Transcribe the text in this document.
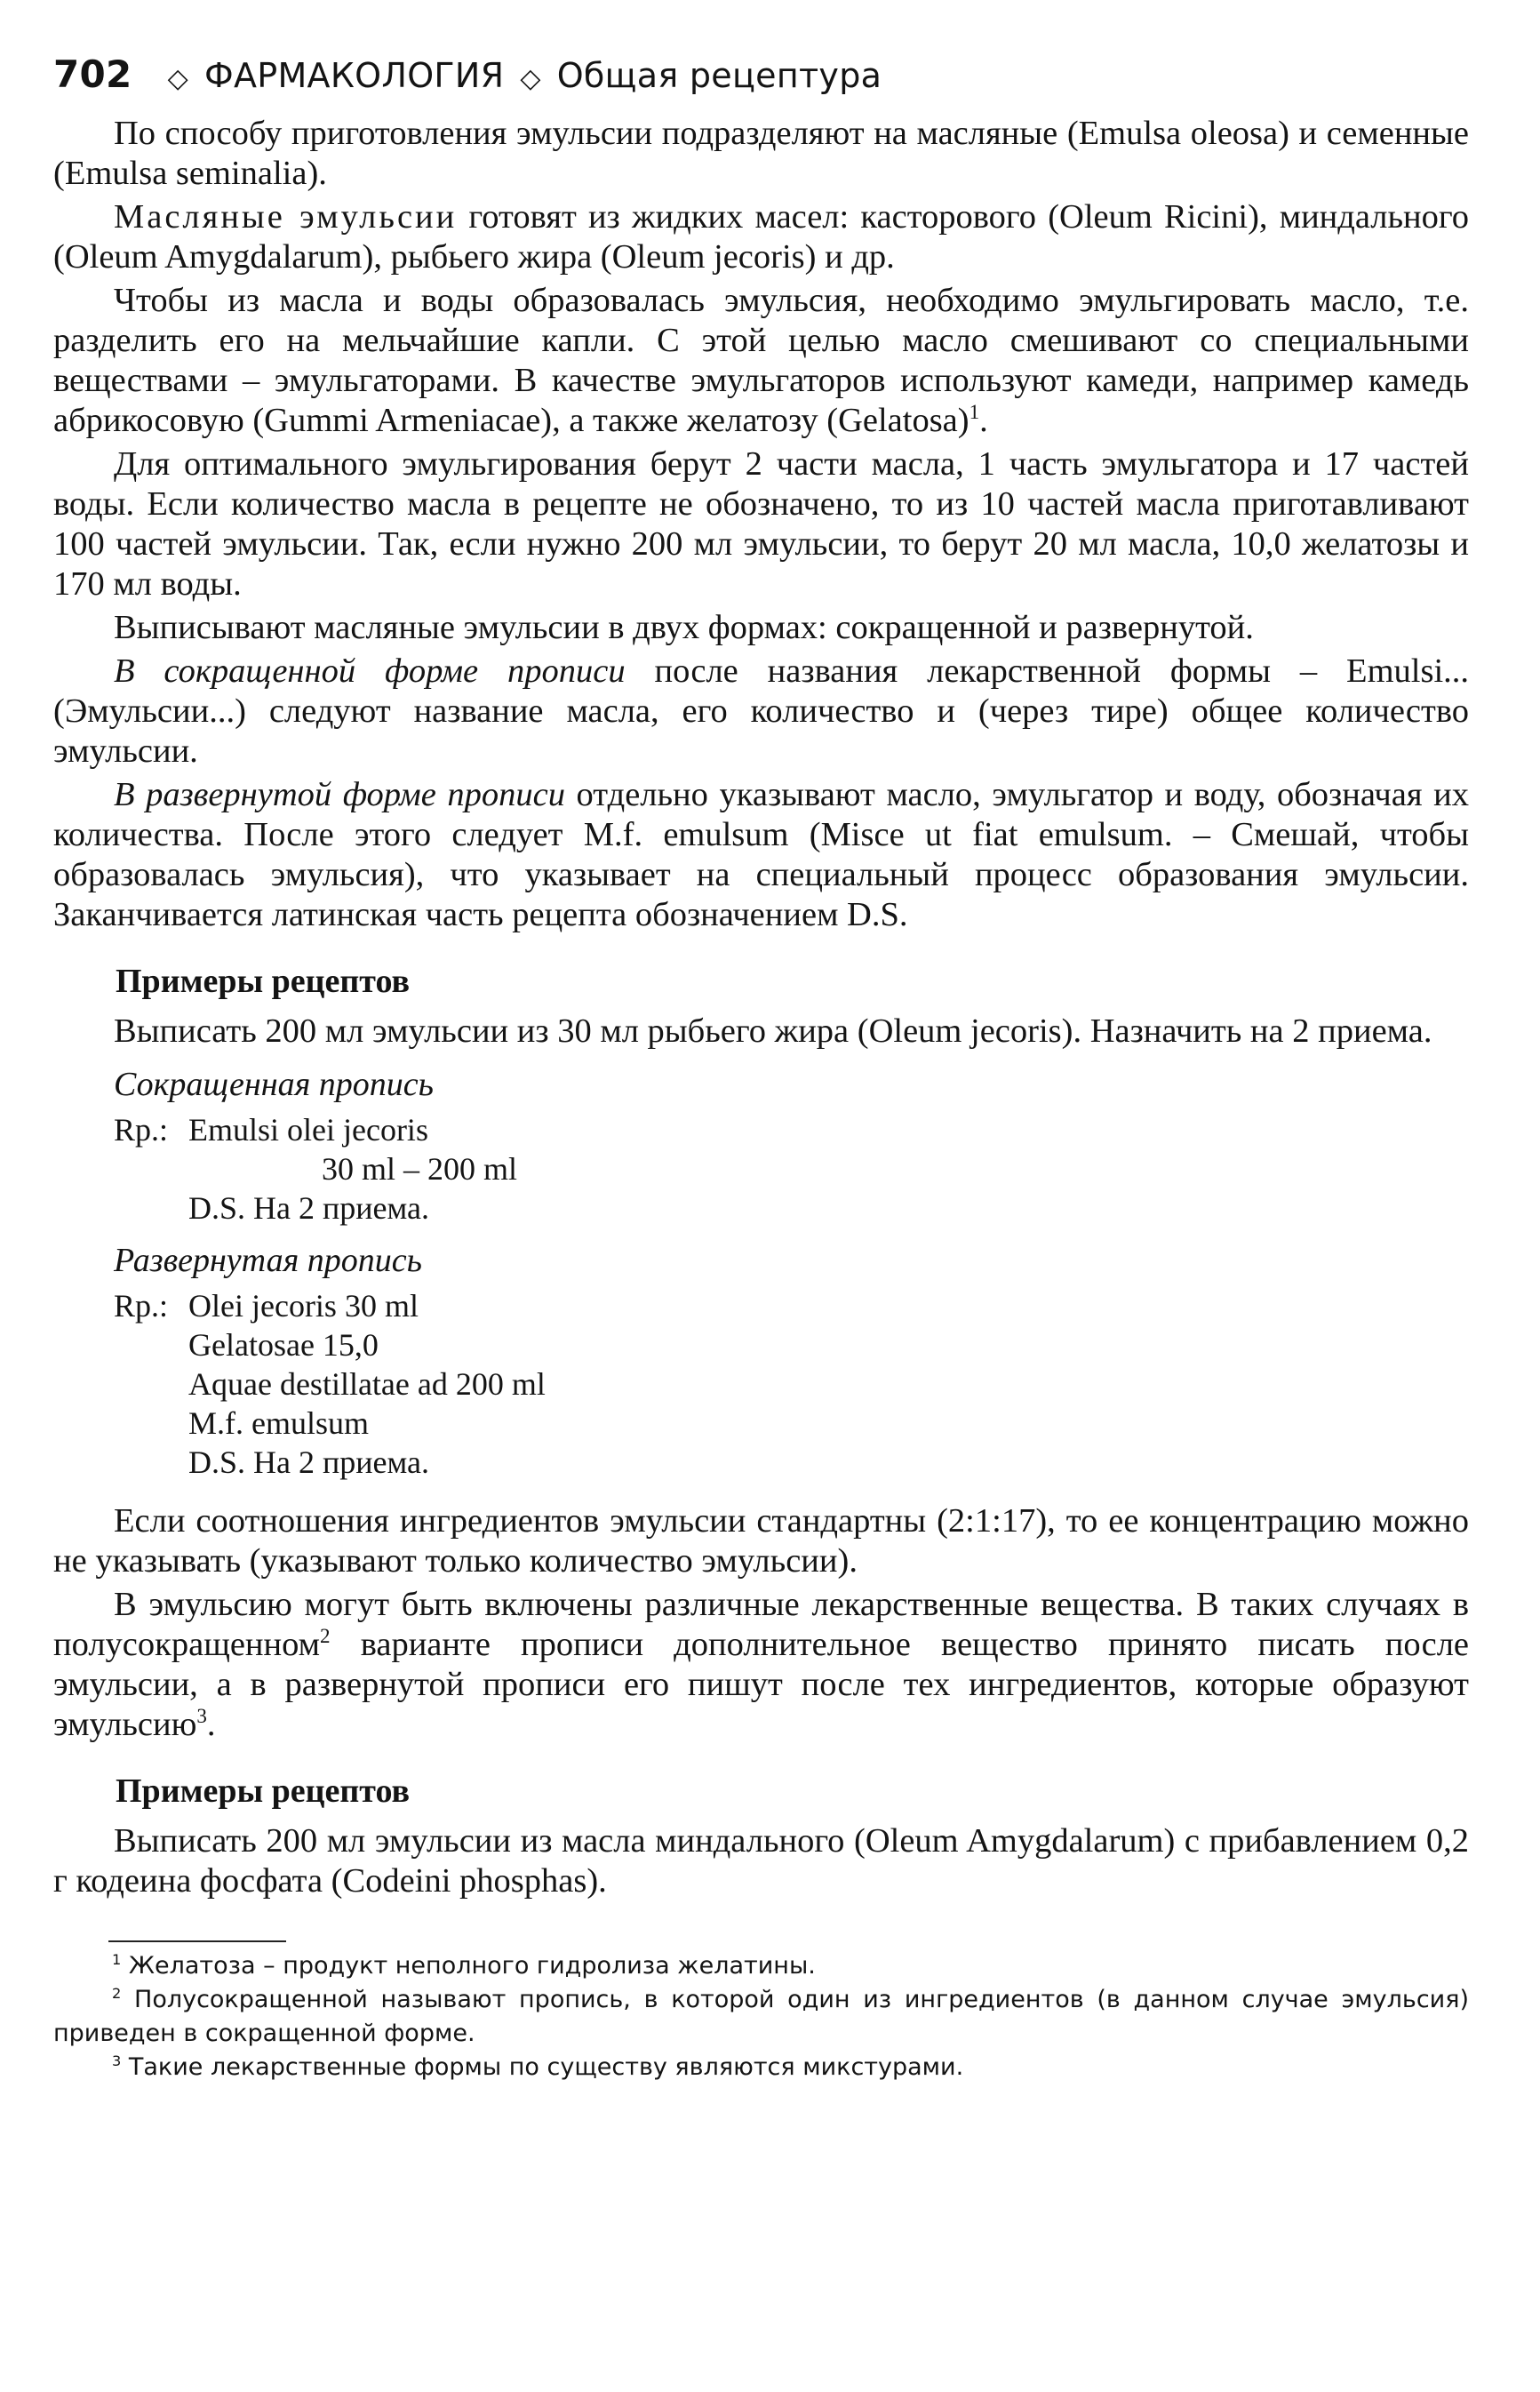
702 ◇ ФАРМАКОЛОГИЯ ◇ Общая рецептура

По способу приготовления эмульсии подразделяют на масляные (Emulsa oleosa) и семенные (Emulsa seminalia).

Масляные эмульсии готовят из жидких масел: касторового (Oleum Ricini), миндального (Oleum Amygdalarum), рыбьего жира (Oleum jecoris) и др.

Чтобы из масла и воды образовалась эмульсия, необходимо эмульгировать масло, т.е. разделить его на мельчайшие капли. С этой целью масло смешивают со специальными веществами – эмульгаторами. В качестве эмульгаторов используют камеди, например камедь абрикосовую (Gummi Armeniacae), а также желатозу (Gelatosa)$^1$.

Для оптимального эмульгирования берут 2 части масла, 1 часть эмульгатора и 17 частей воды. Если количество масла в рецепте не обозначено, то из 10 частей масла приготавливают 100 частей эмульсии. Так, если нужно 200 мл эмульсии, то берут 20 мл масла, 10,0 желатозы и 170 мл воды.

Выписывают масляные эмульсии в двух формах: сокращенной и развернутой.

В сокращенной форме прописи после названия лекарственной формы – Emulsi...(Эмульсии...) следуют название масла, его количество и (через тире) общее количество эмульсии.

В развернутой форме прописи отдельно указывают масло, эмульгатор и воду, обозначая их количества. После этого следует M.f. emulsum (Misce ut fiat emulsum. – Смешай, чтобы образовалась эмульсия), что указывает на специальный процесс образования эмульсии. Заканчивается латинская часть рецепта обозначением D.S.

Примеры рецептов

Выписать 200 мл эмульсии из 30 мл рыбьего жира (Oleum jecoris). Назначить на 2 приема.

Сокращенная пропись
Rp.: Emulsi olei jecoris
30 ml – 200 ml
D.S. На 2 приема.
Развернутая пропись
Rp.: Olei jecoris 30 ml
Gelatosae 15,0
Aquae destillatae ad 200 ml
M.f. emulsum
D.S. На 2 приема.

Если соотношения ингредиентов эмульсии стандартны (2:1:17), то ее концентрацию можно не указывать (указывают только количество эмульсии).

В эмульсию могут быть включены различные лекарственные вещества. В таких случаях в полусокращенном$^2$ варианте прописи дополнительное вещество принято писать после эмульсии, а в развернутой прописи его пишут после тех ингредиентов, которые образуют эмульсию$^3$.

Примеры рецептов

Выписать 200 мл эмульсии из масла миндального (Oleum Amygdalarum) с прибавлением 0,2 г кодеина фосфата (Codeini phosphas).

$^1$ Желатоза – продукт неполного гидролиза желатины.
$^2$ Полусокращенной называют пропись, в которой один из ингредиентов (в данном случае эмульсия) приведен в сокращенной форме.
$^3$ Такие лекарственные формы по существу являются микстурами.
